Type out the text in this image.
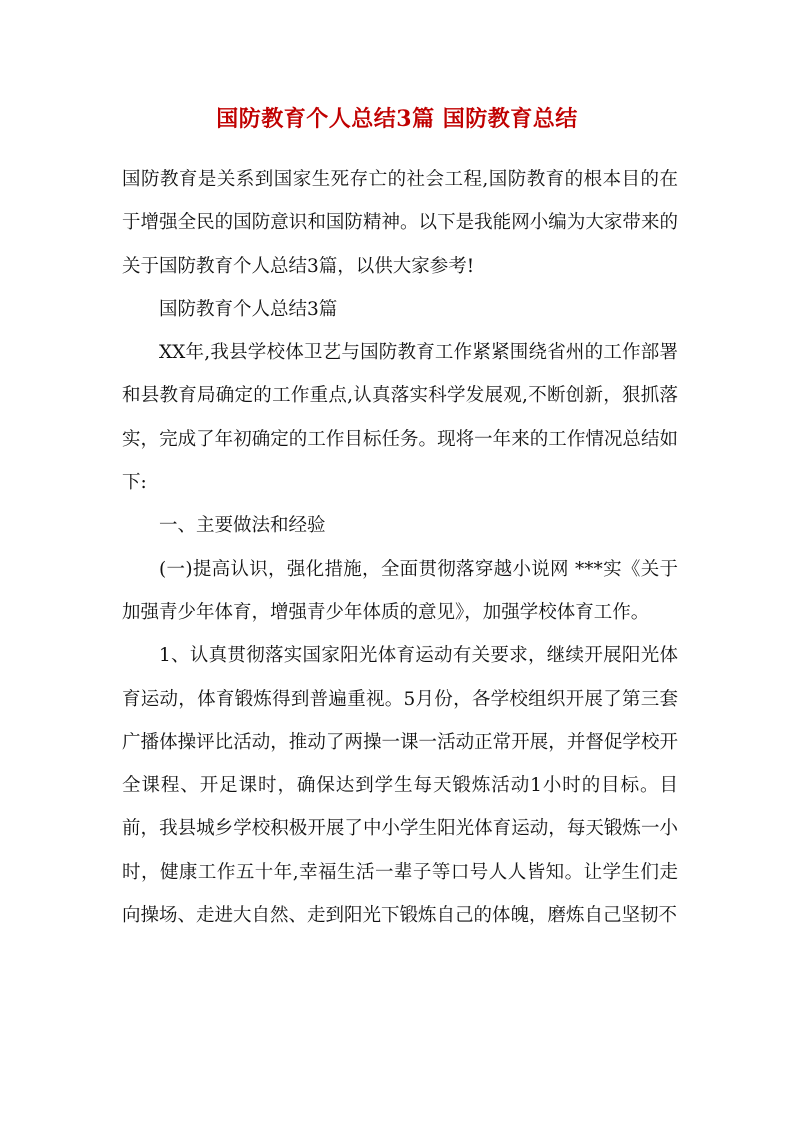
国防教育个人总结3篇 国防教育总结

国防教育是关系到国家生死存亡的社会工程,国防教育的根本目的在于增强全民的国防意识和国防精神。以下是我能网小编为大家带来的关于国防教育个人总结3篇，以供大家参考!

国防教育个人总结3篇

XX年,我县学校体卫艺与国防教育工作紧紧围绕省州的工作部署和县教育局确定的工作重点,认真落实科学发展观,不断创新，狠抓落实，完成了年初确定的工作目标任务。现将一年来的工作情况总结如下:

一、主要做法和经验

(一)提高认识，强化措施，全面贯彻落穿越小说网 ***实《关于加强青少年体育，增强青少年体质的意见》，加强学校体育工作。

1、认真贯彻落实国家阳光体育运动有关要求，继续开展阳光体育运动，体育锻炼得到普遍重视。5月份，各学校组织开展了第三套广播体操评比活动，推动了两操一课一活动正常开展，并督促学校开全课程、开足课时，确保达到学生每天锻炼活动1小时的目标。目前，我县城乡学校积极开展了中小学生阳光体育运动，每天锻炼一小时，健康工作五十年,幸福生活一辈子等口号人人皆知。让学生们走向操场、走进大自然、走到阳光下锻炼自己的体魄，磨炼自己坚韧不
